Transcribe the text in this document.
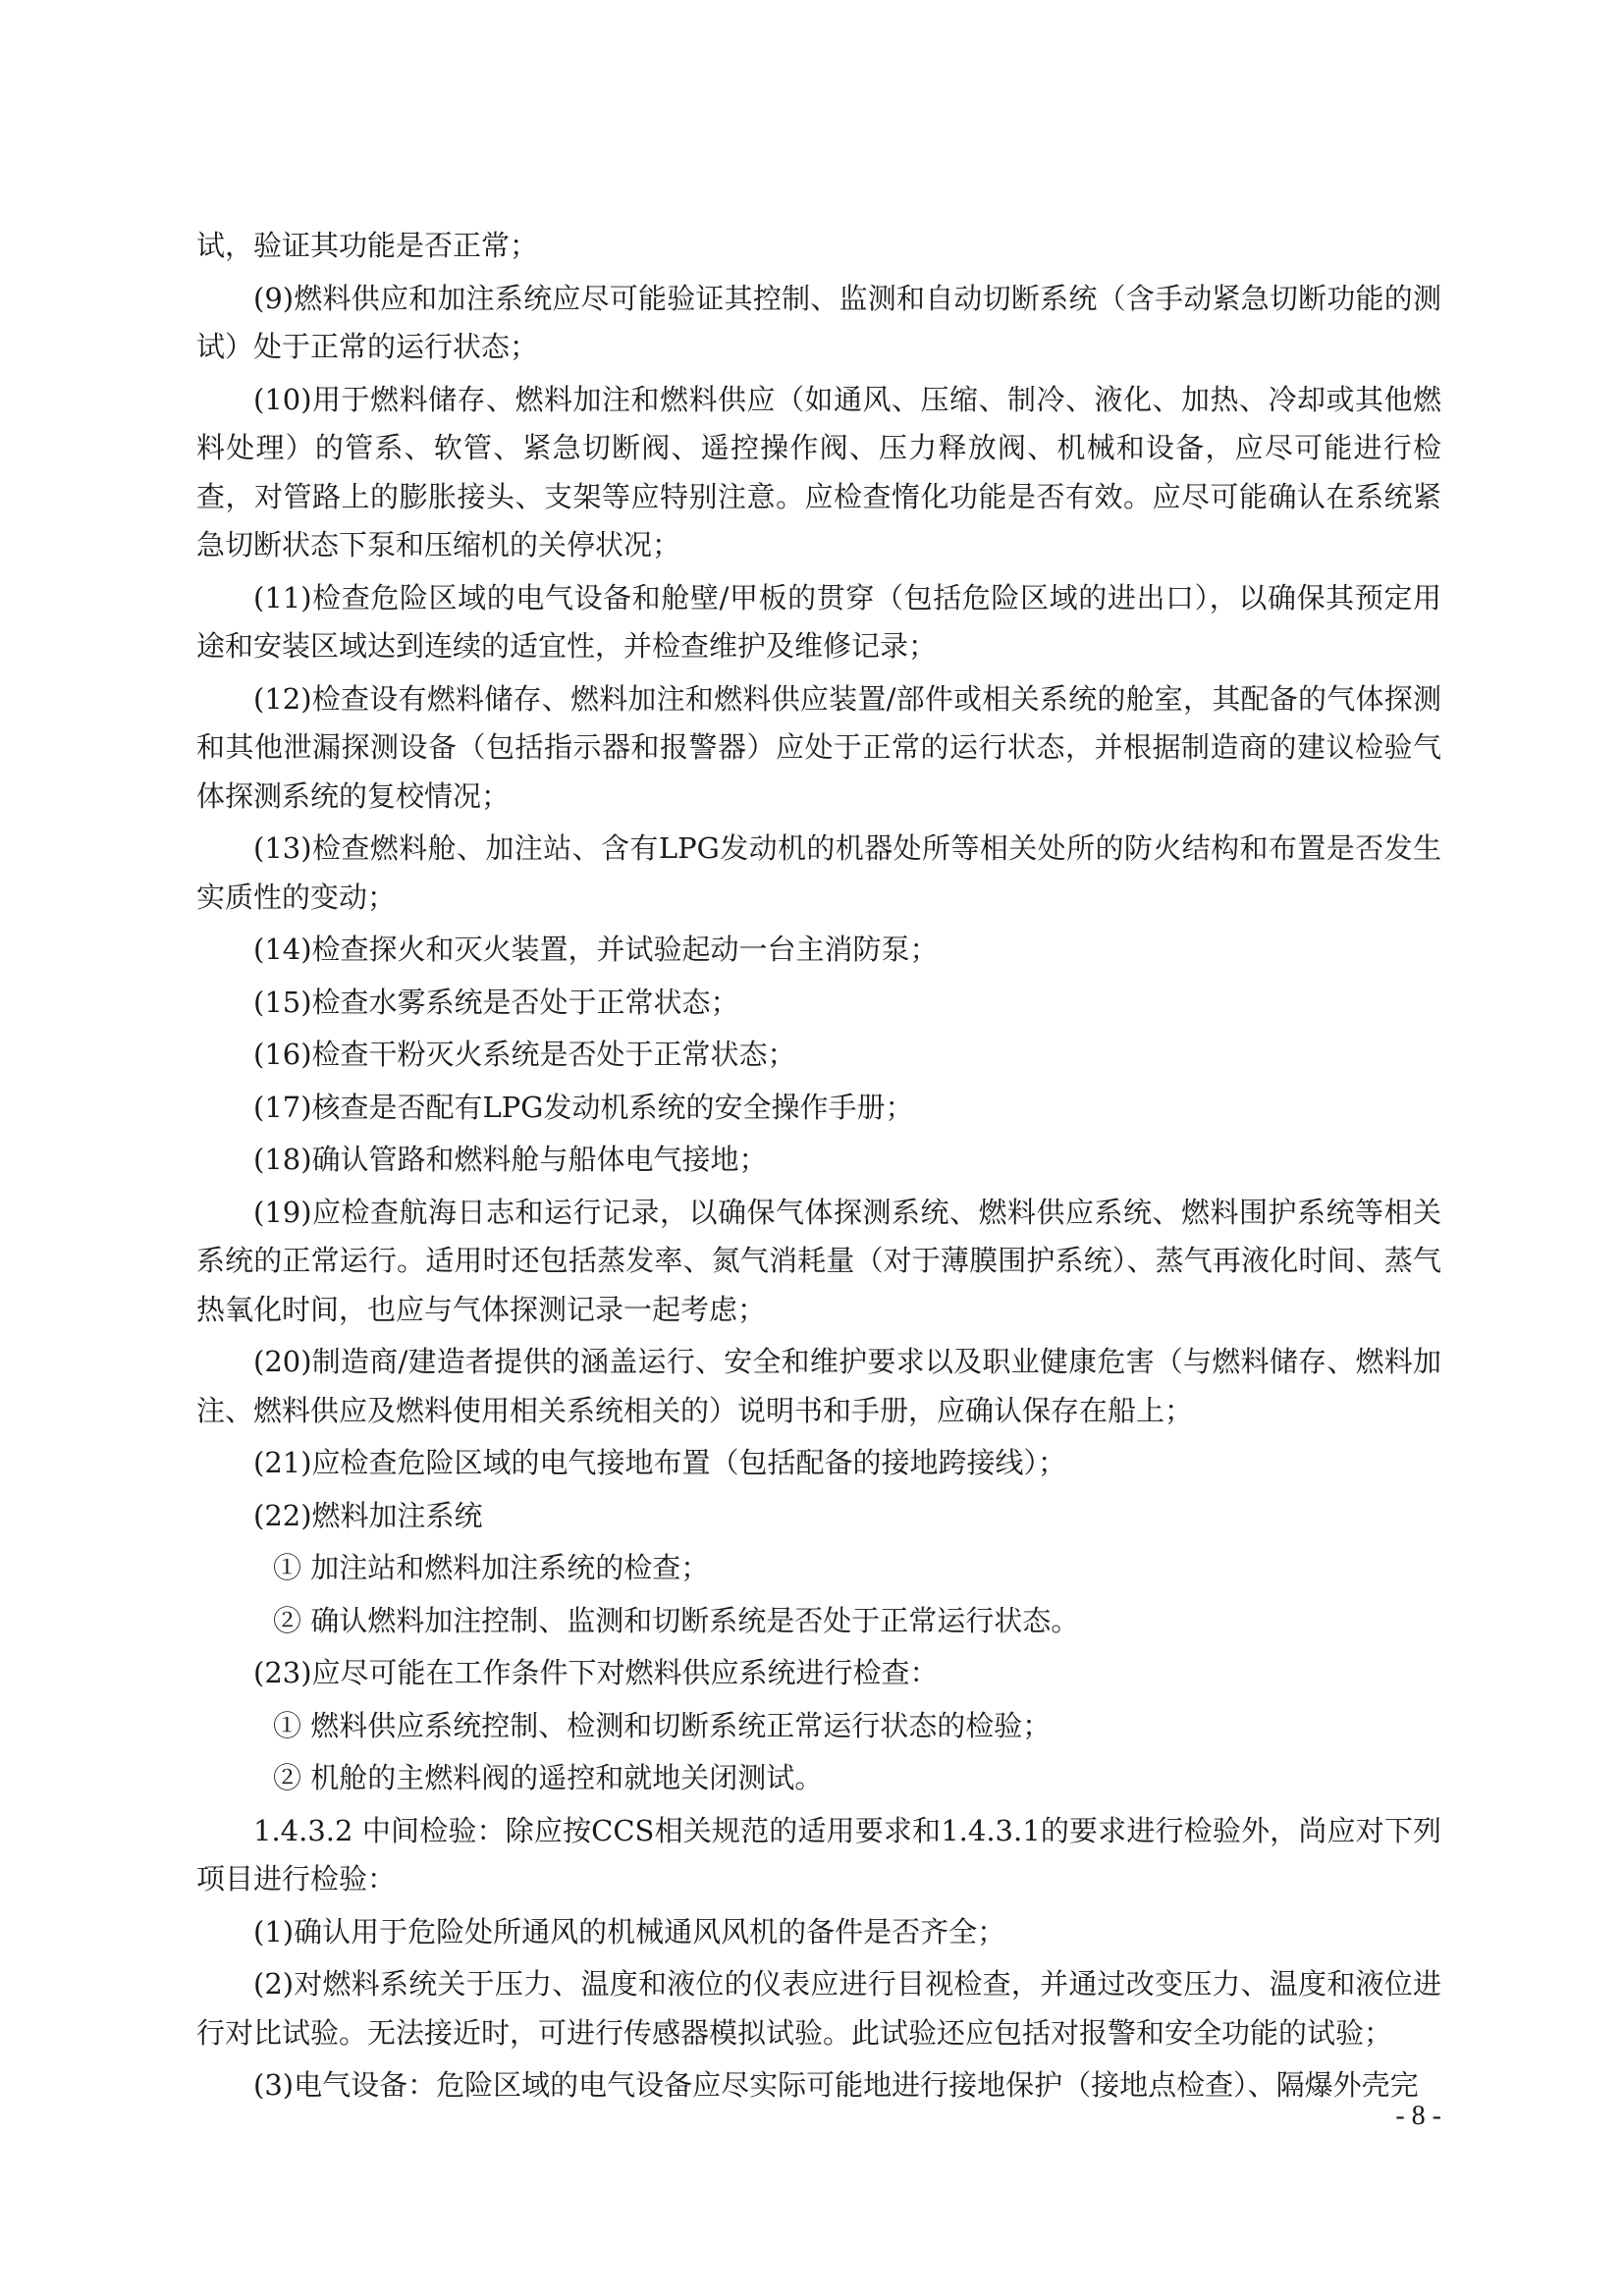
试，验证其功能是否正常；

(9)燃料供应和加注系统应尽可能验证其控制、监测和自动切断系统（含手动紧急切断功能的测试）处于正常的运行状态；

(10)用于燃料储存、燃料加注和燃料供应（如通风、压缩、制冷、液化、加热、冷却或其他燃料处理）的管系、软管、紧急切断阀、遥控操作阀、压力释放阀、机械和设备，应尽可能进行检查，对管路上的膨胀接头、支架等应特别注意。应检查惰化功能是否有效。应尽可能确认在系统紧急切断状态下泵和压缩机的关停状况；

(11)检查危险区域的电气设备和舱壁/甲板的贯穿（包括危险区域的进出口），以确保其预定用途和安装区域达到连续的适宜性，并检查维护及维修记录；

(12)检查设有燃料储存、燃料加注和燃料供应装置/部件或相关系统的舱室，其配备的气体探测和其他泄漏探测设备（包括指示器和报警器）应处于正常的运行状态，并根据制造商的建议检验气体探测系统的复校情况；

(13)检查燃料舱、加注站、含有LPG发动机的机器处所等相关处所的防火结构和布置是否发生实质性的变动；

(14)检查探火和灭火装置，并试验起动一台主消防泵；

(15)检查水雾系统是否处于正常状态；

(16)检查干粉灭火系统是否处于正常状态；

(17)核查是否配有LPG发动机系统的安全操作手册；

(18)确认管路和燃料舱与船体电气接地；

(19)应检查航海日志和运行记录，以确保气体探测系统、燃料供应系统、燃料围护系统等相关系统的正常运行。适用时还包括蒸发率、氮气消耗量（对于薄膜围护系统）、蒸气再液化时间、蒸气热氧化时间，也应与气体探测记录一起考虑；

(20)制造商/建造者提供的涵盖运行、安全和维护要求以及职业健康危害（与燃料储存、燃料加注、燃料供应及燃料使用相关系统相关的）说明书和手册，应确认保存在船上；

(21)应检查危险区域的电气接地布置（包括配备的接地跨接线）；

(22)燃料加注系统

① 加注站和燃料加注系统的检查；

② 确认燃料加注控制、监测和切断系统是否处于正常运行状态。

(23)应尽可能在工作条件下对燃料供应系统进行检查：

① 燃料供应系统控制、检测和切断系统正常运行状态的检验；

② 机舱的主燃料阀的遥控和就地关闭测试。

1.4.3.2 中间检验：除应按CCS相关规范的适用要求和1.4.3.1的要求进行检验外，尚应对下列项目进行检验：

(1)确认用于危险处所通风的机械通风风机的备件是否齐全；

(2)对燃料系统关于压力、温度和液位的仪表应进行目视检查，并通过改变压力、温度和液位进行对比试验。无法接近时，可进行传感器模拟试验。此试验还应包括对报警和安全功能的试验；

(3)电气设备：危险区域的电气设备应尽实际可能地进行接地保护（接地点检查）、隔爆外壳完

- 8 -
